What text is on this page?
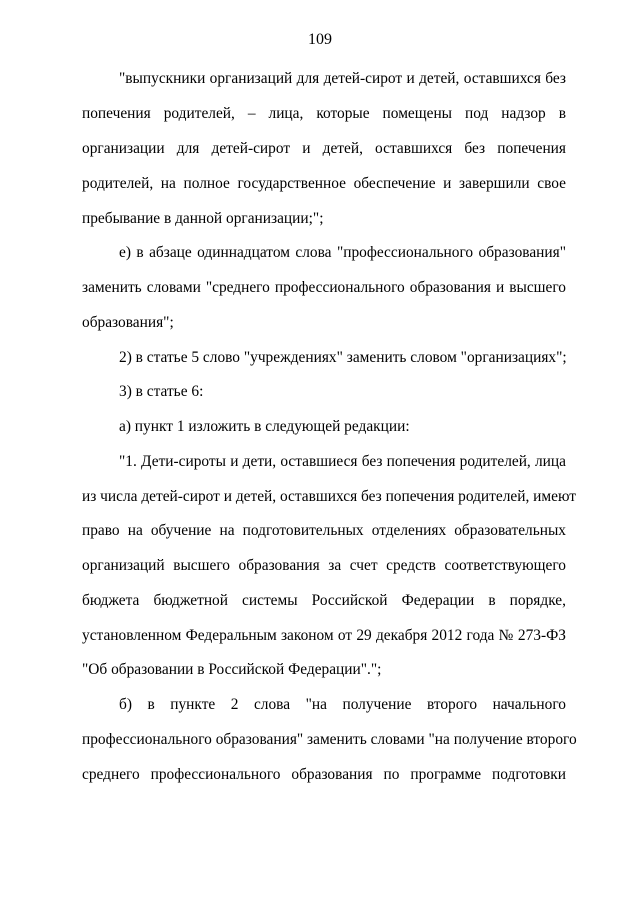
109
"выпускники организаций для детей-сирот и детей, оставшихся без
попечения родителей, – лица, которые помещены под надзор в
организации для детей-сирот и детей, оставшихся без попечения
родителей, на полное государственное обеспечение и завершили свое
пребывание в данной организации;";
е) в абзаце одиннадцатом слова "профессионального образования"
заменить словами "среднего профессионального образования и высшего
образования";
2) в статье 5 слово "учреждениях" заменить словом "организациях";
3) в статье 6:
а) пункт 1 изложить в следующей редакции:
"1. Дети-сироты и дети, оставшиеся без попечения родителей, лица
из числа детей-сирот и детей, оставшихся без попечения родителей, имеют
право на обучение на подготовительных отделениях образовательных
организаций высшего образования за счет средств соответствующего
бюджета бюджетной системы Российской Федерации в порядке,
установленном Федеральным законом от 29 декабря 2012 года № 273-ФЗ
"Об образовании в Российской Федерации".";
б) в пункте 2 слова "на получение второго начального
профессионального образования" заменить словами "на получение второго
среднего профессионального образования по программе подготовки
